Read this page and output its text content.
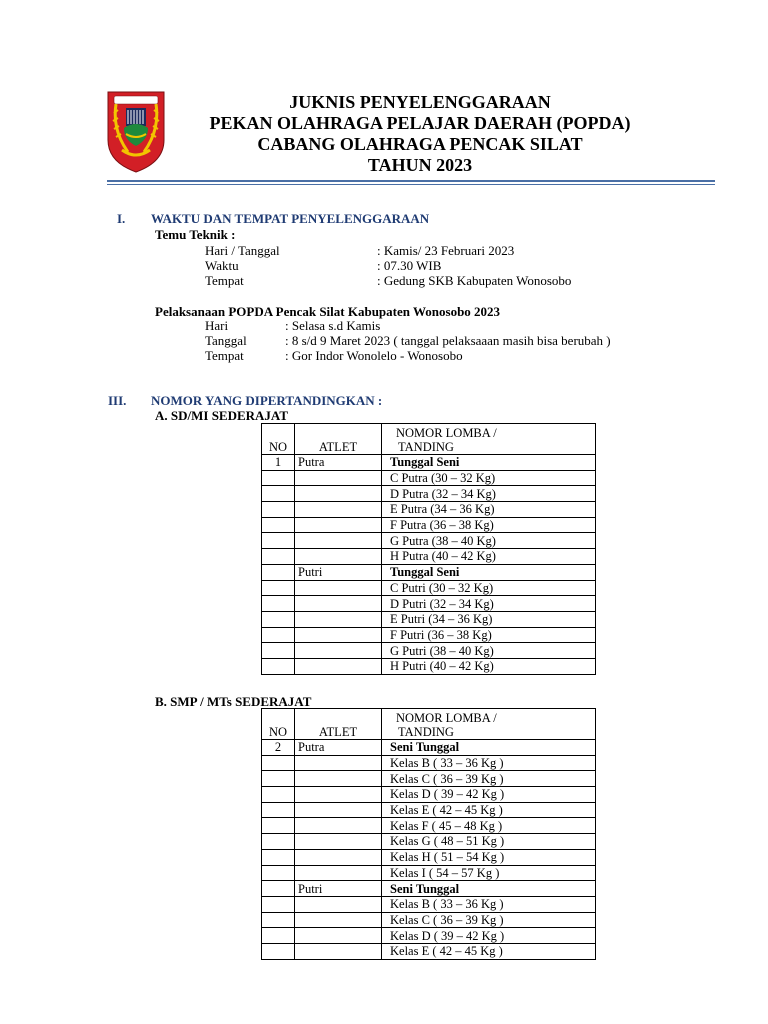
JUKNIS PENYELENGGARAAN
PEKAN OLAHRAGA PELAJAR DAERAH (POPDA)
CABANG OLAHRAGA PENCAK SILAT
TAHUN 2023
I. WAKTU DAN TEMPAT PENYELENGGARAAN
Temu Teknik :
Hari / Tanggal	: Kamis/ 23 Februari 2023
Waktu	: 07.30 WIB
Tempat	: Gedung SKB Kabupaten Wonosobo
Pelaksanaan POPDA Pencak Silat Kabupaten Wonosobo 2023
Hari	: Selasa s.d Kamis
Tanggal	: 8 s/d 9 Maret 2023 ( tanggal pelaksaaan masih bisa berubah )
Tempat	: Gor Indor Wonolelo - Wonosobo
III. NOMOR YANG DIPERTANDINGKAN :
A. SD/MI SEDERAJAT
NO	ATLET	NOMOR LOMBA /
TANDING

1	Putra	Tunggal Seni
		C Putra (30 – 32 Kg)
		D Putra (32 – 34 Kg)
		E Putra (34 – 36 Kg)
		F Putra (36 – 38 Kg)
		G Putra (38 – 40 Kg)
		H Putra (40 – 42 Kg)
	Putri	Tunggal Seni
		C Putri (30 – 32 Kg)
		D Putri (32 – 34 Kg)
		E Putri (34 – 36 Kg)
		F Putri (36 – 38 Kg)
		G Putri (38 – 40 Kg)
		H Putri (40 – 42 Kg)
B. SMP / MTs SEDERAJAT
NO	ATLET	NOMOR LOMBA /
TANDING

2	Putra	Seni Tunggal
		Kelas B ( 33 – 36 Kg )
		Kelas C ( 36 – 39 Kg )
		Kelas D ( 39 – 42 Kg )
		Kelas E ( 42 – 45 Kg )
		Kelas F ( 45 – 48 Kg )
		Kelas G ( 48 – 51 Kg )
		Kelas H ( 51 – 54 Kg )
		Kelas I ( 54 – 57 Kg )
	Putri	Seni Tunggal
		Kelas B ( 33 – 36 Kg )
		Kelas C ( 36 – 39 Kg )
		Kelas D ( 39 – 42 Kg )
		Kelas E ( 42 – 45 Kg )
